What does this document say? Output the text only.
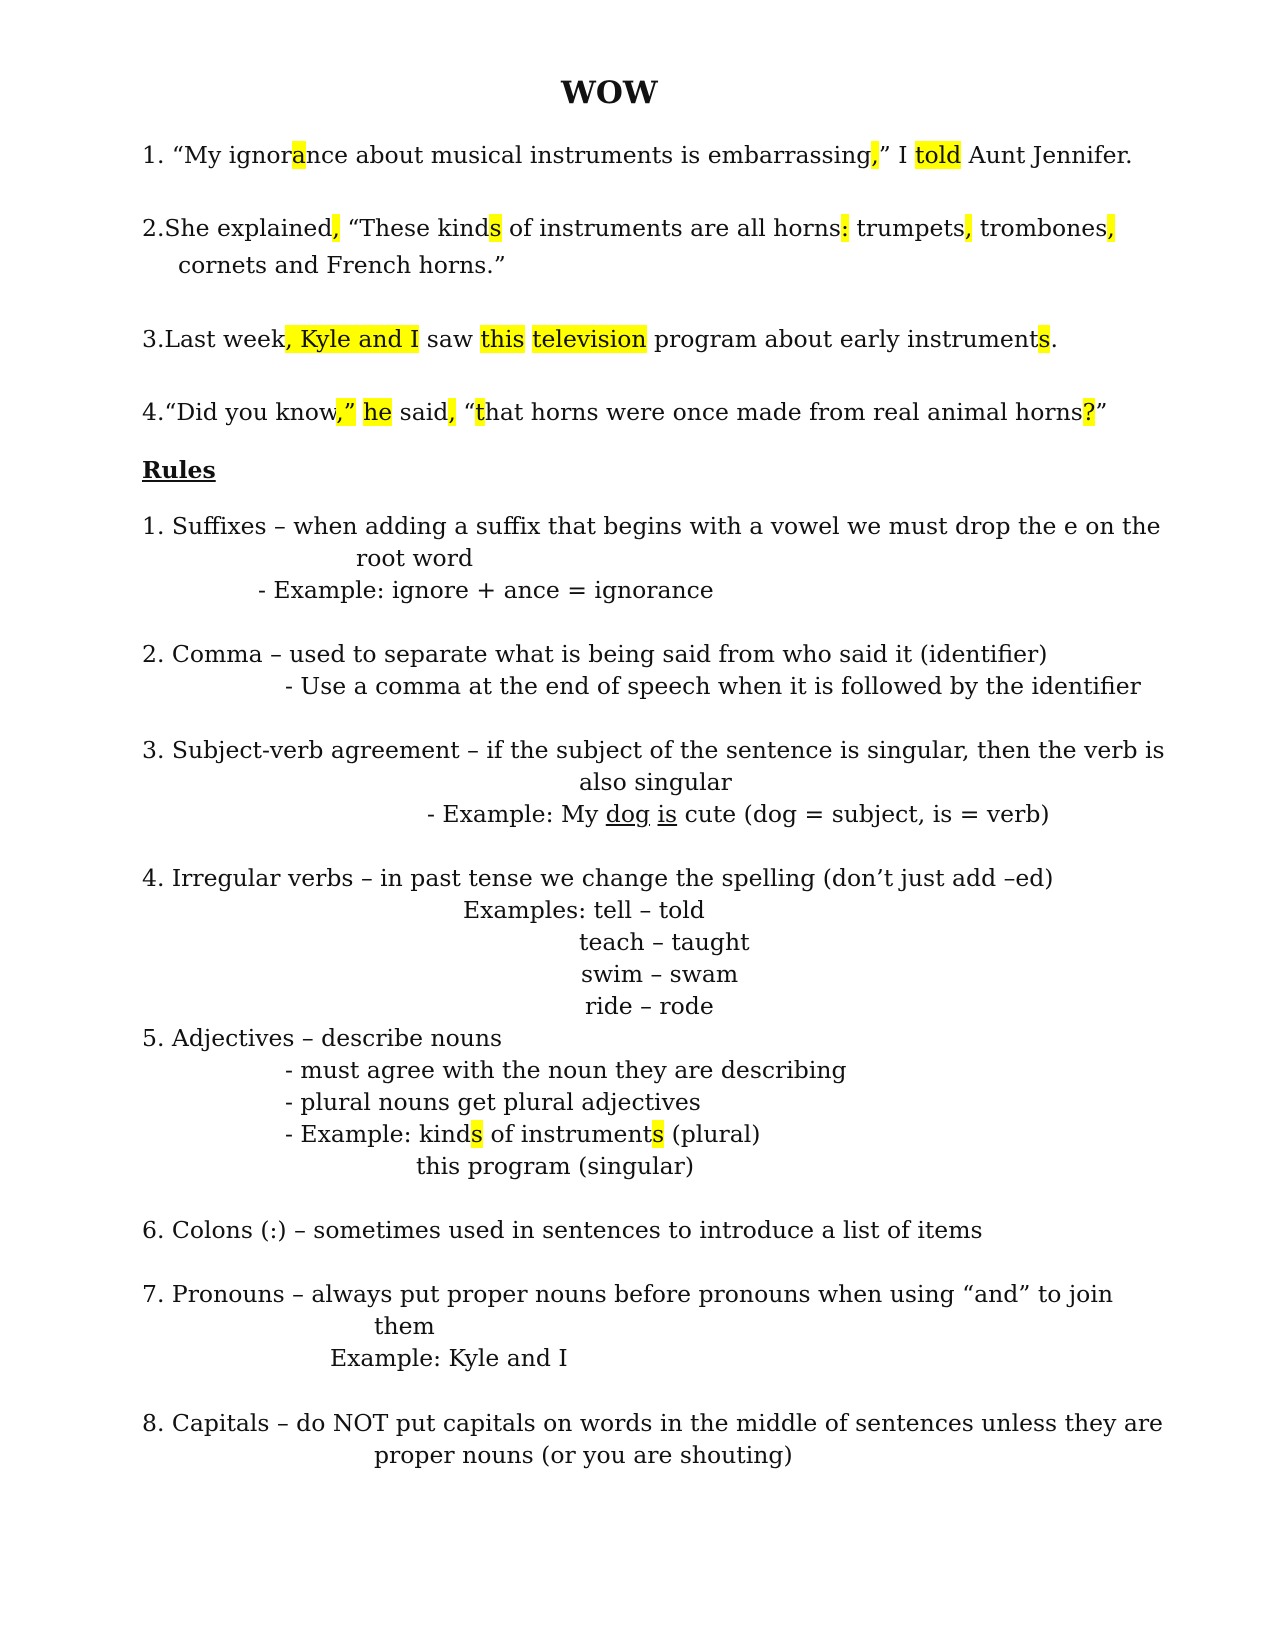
WOW
1. “My ignorance about musical instruments is embarrassing,” I told Aunt Jennifer.
2.She explained, “These kinds of instruments are all horns: trumpets, trombones,
cornets and French horns.”
3.Last week, Kyle and I saw this television program about early instruments.
4.“Did you know,” he said, “that horns were once made from real animal horns?”
Rules
1. Suffixes – when adding a suffix that begins with a vowel we must drop the e on the
root word
- Example: ignore + ance = ignorance
2. Comma – used to separate what is being said from who said it (identifier)
- Use a comma at the end of speech when it is followed by the identifier
3. Subject-verb agreement – if the subject of the sentence is singular, then the verb is
also singular
- Example: My dog is cute (dog = subject, is = verb)
4. Irregular verbs – in past tense we change the spelling (don’t just add –ed)
Examples: tell – told
teach – taught
swim – swam
ride – rode
5. Adjectives – describe nouns
- must agree with the noun they are describing
- plural nouns get plural adjectives
- Example: kinds of instruments (plural)
this program (singular)
6. Colons (:) – sometimes used in sentences to introduce a list of items
7. Pronouns – always put proper nouns before pronouns when using “and” to join
them
Example: Kyle and I
8. Capitals – do NOT put capitals on words in the middle of sentences unless they are
proper nouns (or you are shouting)
